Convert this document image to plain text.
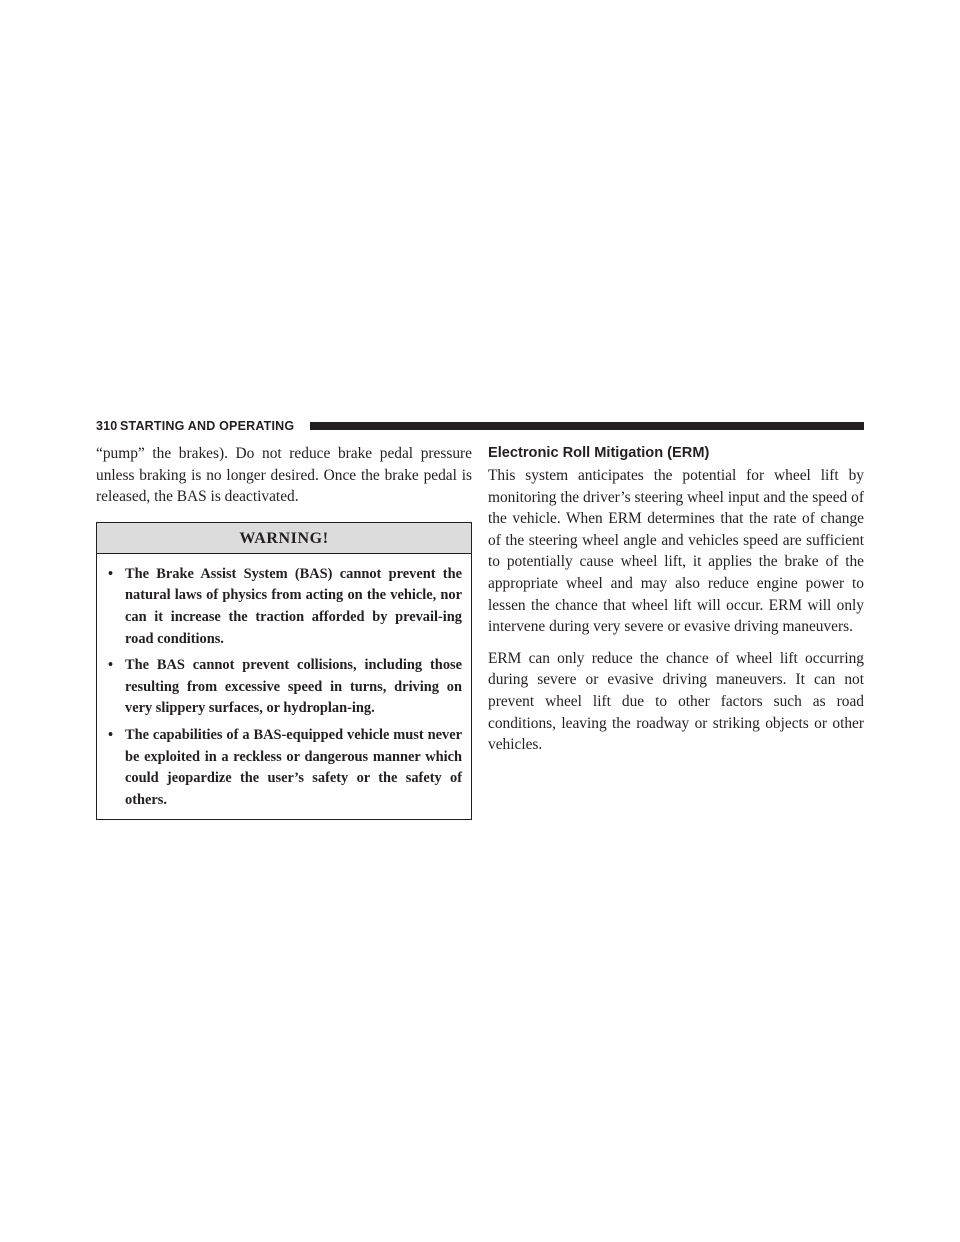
310 STARTING AND OPERATING

“pump” the brakes). Do not reduce brake pedal pressure unless braking is no longer desired. Once the brake pedal is released, the BAS is deactivated.

WARNING!
• The Brake Assist System (BAS) cannot prevent the natural laws of physics from acting on the vehicle, nor can it increase the traction afforded by prevail-ing road conditions.
• The BAS cannot prevent collisions, including those resulting from excessive speed in turns, driving on very slippery surfaces, or hydroplan-ing.
• The capabilities of a BAS-equipped vehicle must never be exploited in a reckless or dangerous manner which could jeopardize the user’s safety or the safety of others.
Electronic Roll Mitigation (ERM)

This system anticipates the potential for wheel lift by monitoring the driver’s steering wheel input and the speed of the vehicle. When ERM determines that the rate of change of the steering wheel angle and vehicles speed are sufficient to potentially cause wheel lift, it applies the brake of the appropriate wheel and may also reduce engine power to lessen the chance that wheel lift will occur. ERM will only intervene during very severe or evasive driving maneuvers.

ERM can only reduce the chance of wheel lift occurring during severe or evasive driving maneuvers. It can not prevent wheel lift due to other factors such as road conditions, leaving the roadway or striking objects or other vehicles.
